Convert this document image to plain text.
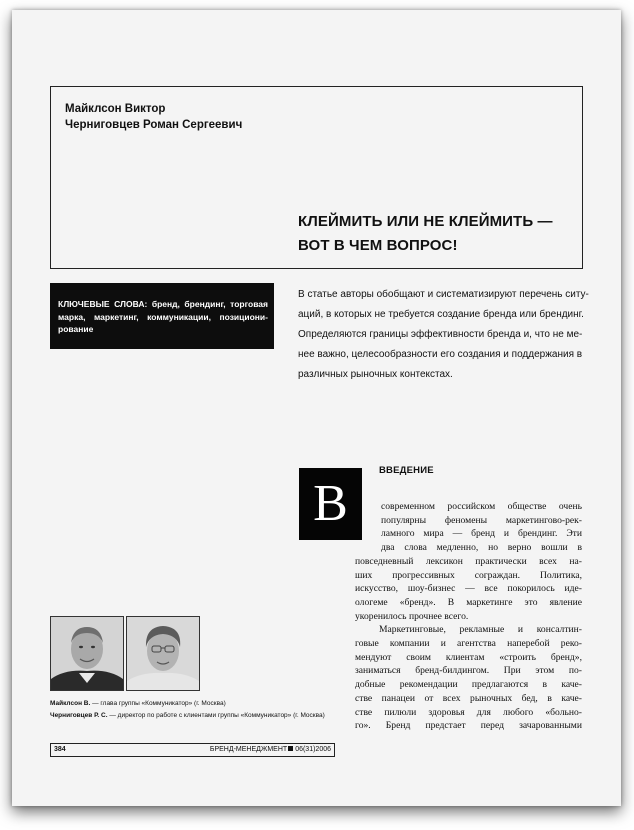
Майклсон Виктор
Черниговцев Роман Сергеевич
КЛЕЙМИТЬ ИЛИ НЕ КЛЕЙМИТЬ —
ВОТ В ЧЕМ ВОПРОС!
КЛЮЧЕВЫЕ СЛОВА: бренд, брендинг, торговая марка, маркетинг, коммуникации, позициони-рование
В статье авторы обобщают и систематизируют перечень ситу-
аций, в которых не требуется создание бренда или брендинг.
Определяются границы эффективности бренда и, что не ме-
нее важно, целесообразности его создания и поддержания в
различных рыночных контекстах.
В
ВВЕДЕНИЕ
современном российском обществе очень
популярны феномены маркетингово-рек-
ламного мира — бренд и брендинг. Эти
два слова медленно, но верно вошли в
повседневный лексикон практически всех на-
ших прогрессивных сограждан. Политика,
искусство, шоу-бизнес — все покорилось идe-
ологеме «бренд». В маркетинге это явление
укоренилось прочнее всего.
Маркетинговые, рекламные и консалтин-
говые компании и агентства наперебой реко-
мендуют своим клиентам «строить бренд»,
заниматься бренд-билдингом. При этом по-
добные рекомендации предлагаются в каче-
стве панацеи от всех рыночных бед, в каче-
стве пилюли здоровья для любого «больно-
го». Бренд предстает перед зачарованными
Майклсон В. — глава группы «Коммуникатор» (г. Москва)
Черниговцев Р. С. — директор по работе с клиентами группы «Коммуникатор» (г. Москва)
384	БРЕНД-МЕНЕДЖМЕНТ 06(31)2006
